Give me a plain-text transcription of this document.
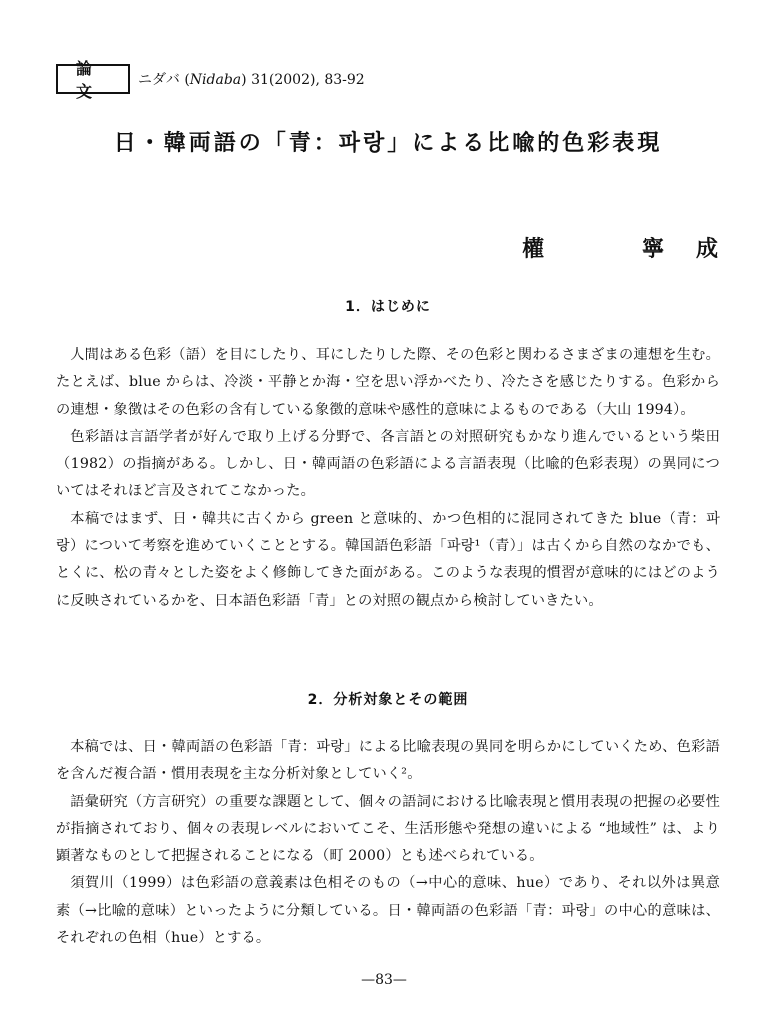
論文
ニダバ (Nidaba) 31(2002), 83-92
日・韓両語の「青：파랑」による比喩的色彩表現
權	寧	成
1．はじめに

人間はある色彩（語）を目にしたり、耳にしたりした際、その色彩と関わるさまざまの連想を生む。たとえば、blue からは、冷淡・平静とか海・空を思い浮かべたり、冷たさを感じたりする。色彩からの連想・象徴はその色彩の含有している象徴的意味や感性的意味によるものである（大山 1994）。

色彩語は言語学者が好んで取り上げる分野で、各言語との対照研究もかなり進んでいるという柴田（1982）の指摘がある。しかし、日・韓両語の色彩語による言語表現（比喩的色彩表現）の異同についてはそれほど言及されてこなかった。

本稿ではまず、日・韓共に古くから green と意味的、かつ色相的に混同されてきた blue（青：파랑）について考察を進めていくこととする。韓国語色彩語「파랑¹（青）」は古くから自然のなかでも、とくに、松の青々とした姿をよく修飾してきた面がある。このような表現的慣習が意味的にはどのように反映されているかを、日本語色彩語「青」との対照の観点から検討していきたい。

2．分析対象とその範囲

本稿では、日・韓両語の色彩語「青：파랑」による比喩表現の異同を明らかにしていくため、色彩語を含んだ複合語・慣用表現を主な分析対象としていく²。

語彙研究（方言研究）の重要な課題として、個々の語詞における比喩表現と慣用表現の把握の必要性が指摘されており、個々の表現レベルにおいてこそ、生活形態や発想の違いによる “地域性” は、より顕著なものとして把握されることになる（町 2000）とも述べられている。

須賀川（1999）は色彩語の意義素は色相そのもの（→中心的意味、hue）であり、それ以外は異意素（→比喩的意味）といったように分類している。日・韓両語の色彩語「青：파랑」の中心的意味は、それぞれの色相（hue）とする。

—83—
